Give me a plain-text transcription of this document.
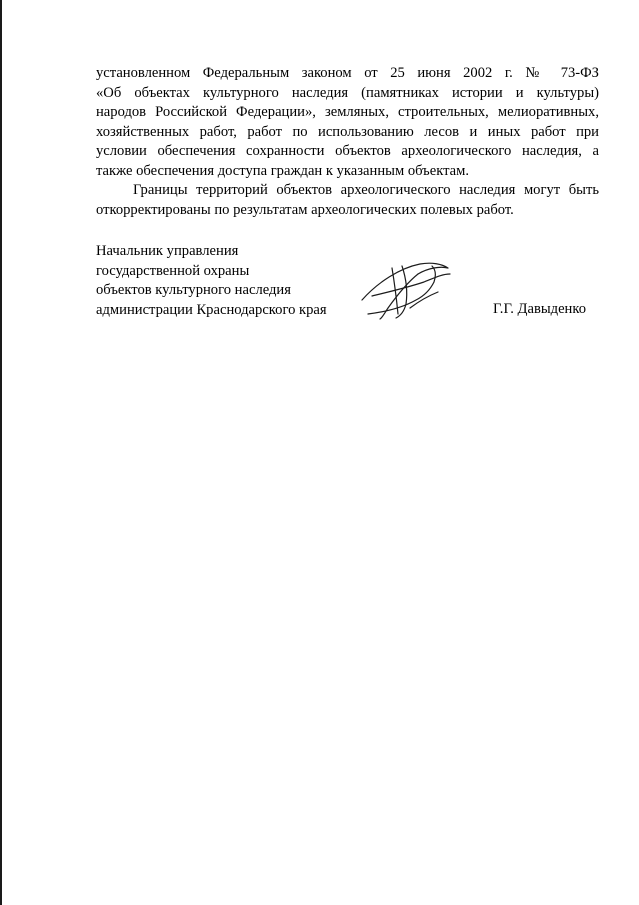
установленном Федеральным законом от 25 июня 2002 г. № 73-ФЗ
«Об объектах культурного наследия (памятниках истории и культуры)
народов Российской Федерации», земляных, строительных, мелиоративных,
хозяйственных работ, работ по использованию лесов и иных работ при
условии обеспечения сохранности объектов археологического наследия, а
также обеспечения доступа граждан к указанным объектам.

Границы территорий объектов археологического наследия могут быть
откорректированы по результатам археологических полевых работ.

Начальник управления
государственной охраны
объектов культурного наследия
администрации Краснодарского края	Г.Г. Давыденко
